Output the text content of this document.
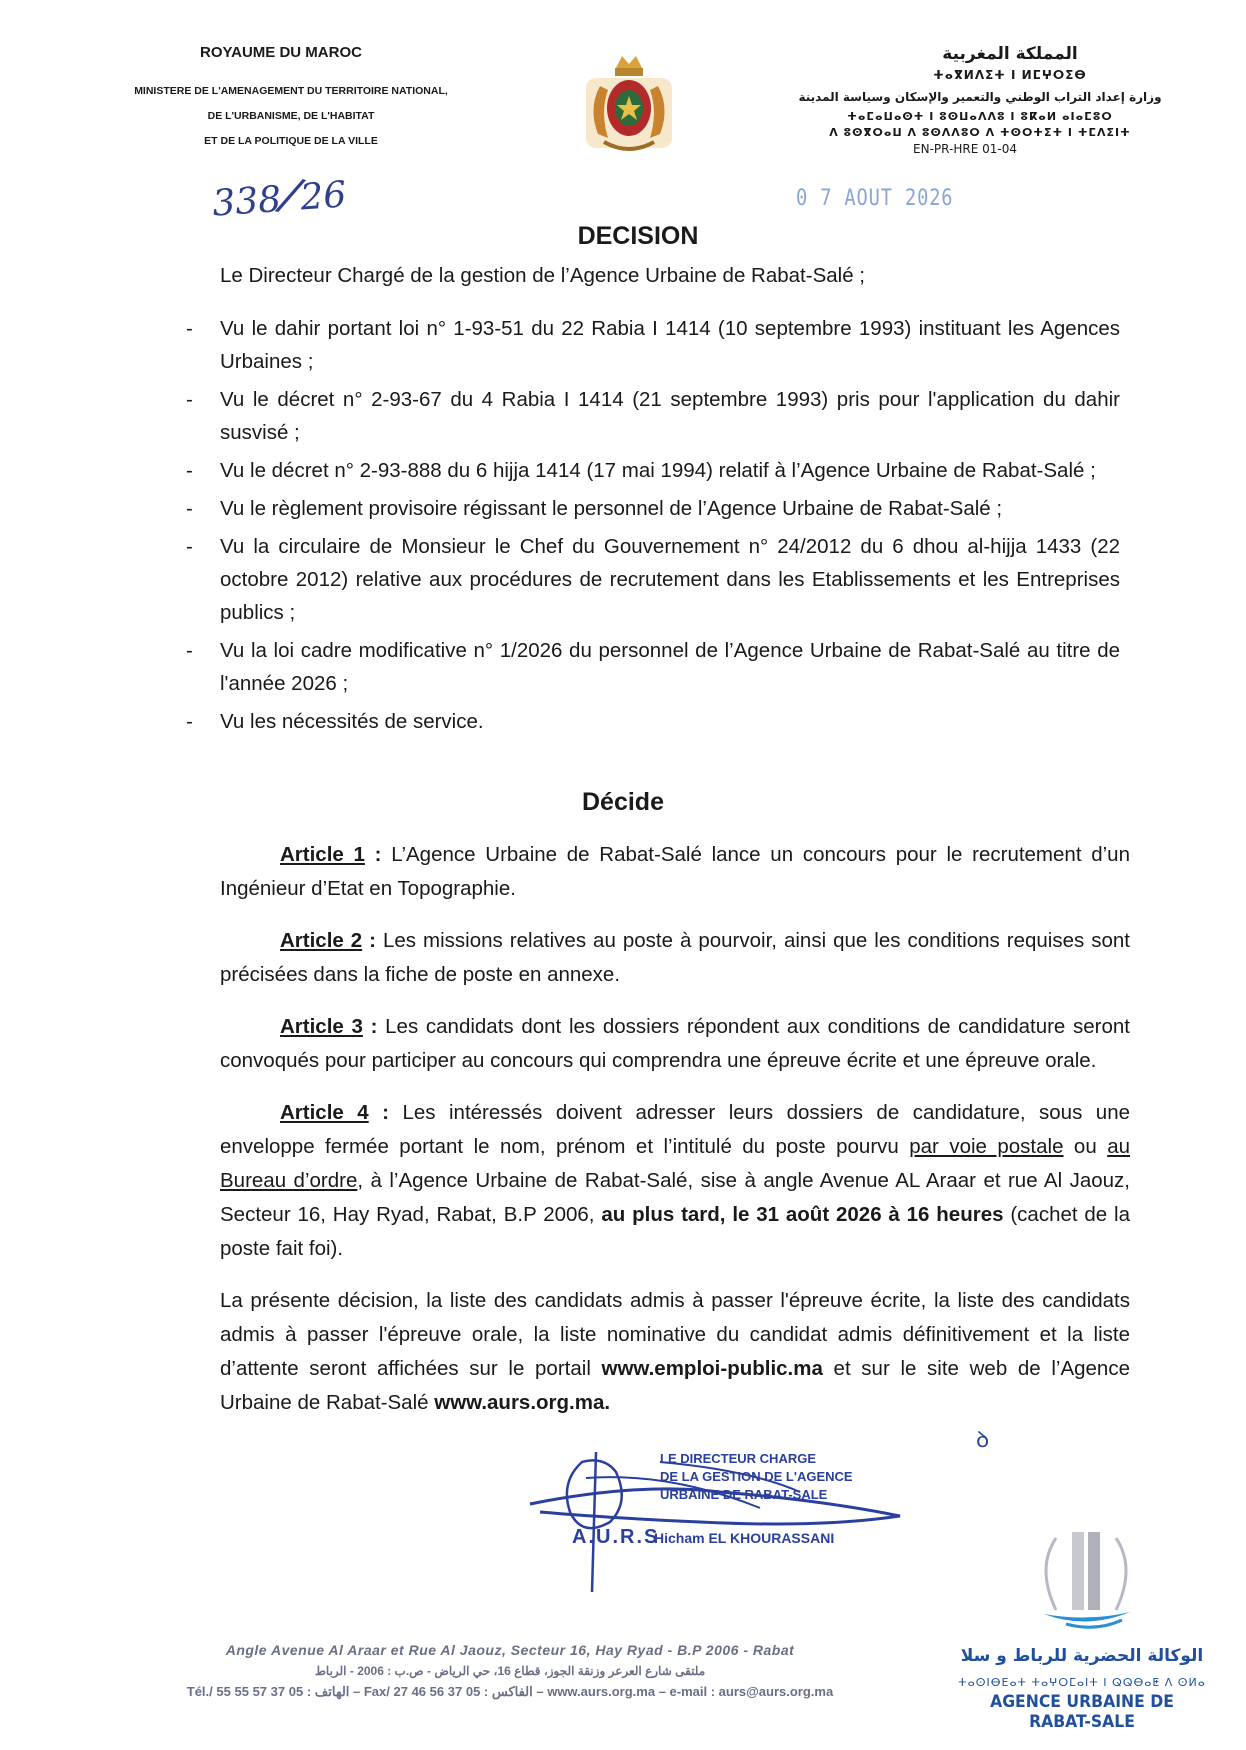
ROYAUME DU MAROC
MINISTERE DE L'AMENAGEMENT DU TERRITOIRE NATIONAL,
DE L'URBANISME, DE L'HABITAT
ET DE LA POLITIQUE DE LA VILLE
338/26
المملكة المغربية
ⵜⴰⴳⵍⴷⵉⵜ ⵏ ⵍⵎⵖⵔⵉⴱ
وزارة إعداد التراب الوطني والتعمير والإسكان وسياسة المدينة
ⵜⴰⵎⴰⵡⴰⵙⵜ ⵏ ⵓⵙⵡⴰⴷⴷⵓ ⵏ ⵓⴽⴰⵍ ⴰⵏⴰⵎⵓⵔ
ⴷ ⵓⵙⴳⵔⴰⵡ ⴷ ⵓⵙⴷⴷⵓⵔ ⴷ ⵜⵙⵔⵜⵉⵜ ⵏ ⵜⵎⴷⵉⵏⵜ
EN-PR-HRE 01-04
0 7 AOUT 2026
DECISION
Le Directeur Chargé de la gestion de l’Agence Urbaine de Rabat-Salé ;
- Vu le dahir portant loi n° 1-93-51 du 22 Rabia I 1414 (10 septembre 1993) instituant les Agences Urbaines ;
- Vu le décret n° 2-93-67 du 4 Rabia I 1414 (21 septembre 1993) pris pour l'application du dahir susvisé ;
- Vu le décret n° 2-93-888 du 6 hijja 1414 (17 mai 1994) relatif à l’Agence Urbaine de Rabat-Salé ;
- Vu le règlement provisoire régissant le personnel de l’Agence Urbaine de Rabat-Salé ;
- Vu la circulaire de Monsieur le Chef du Gouvernement n° 24/2012 du 6 dhou al-hijja 1433 (22 octobre 2012) relative aux procédures de recrutement dans les Etablissements et les Entreprises publics ;
- Vu la loi cadre modificative n° 1/2026 du personnel de l’Agence Urbaine de Rabat-Salé au titre de l'année 2026 ;
- Vu les nécessités de service.
Décide
Article 1 : L’Agence Urbaine de Rabat-Salé lance un concours pour le recrutement d’un Ingénieur d’Etat en Topographie.
Article 2 : Les missions relatives au poste à pourvoir, ainsi que les conditions requises sont précisées dans la fiche de poste en annexe.
Article 3 : Les candidats dont les dossiers répondent aux conditions de candidature seront convoqués pour participer au concours qui comprendra une épreuve écrite et une épreuve orale.
Article 4 : Les intéressés doivent adresser leurs dossiers de candidature, sous une enveloppe fermée portant le nom, prénom et l’intitulé du poste pourvu par voie postale ou au Bureau d’ordre, à l’Agence Urbaine de Rabat-Salé, sise à angle Avenue AL Araar et rue Al Jaouz, Secteur 16, Hay Ryad, Rabat, B.P 2006, au plus tard, le 31 août 2026 à 16 heures (cachet de la poste fait foi).
La présente décision, la liste des candidats admis à passer l'épreuve écrite, la liste des candidats admis à passer l'épreuve orale, la liste nominative du candidat admis définitivement et la liste d’attente seront affichées sur le portail www.emploi-public.ma et sur le site web de l’Agence Urbaine de Rabat-Salé www.aurs.org.ma.
ꝺ
LE DIRECTEUR CHARGE
DE LA GESTION DE L'AGENCE
URBAINE DE RABAT-SALE
A.U.R.S
Hicham EL KHOURASSANI
Angle Avenue Al Araar et Rue Al Jaouz, Secteur 16, Hay Ryad - B.P 2006 - Rabat
ملتقى شارع العرعر وزنقة الجوز، قطاع 16، حي الرياض - ص.ب : 2006 - الرباط
Tél./ الهاتف : 05 37 57 55 55 – Fax/ الفاكس : 05 37 56 46 27 – www.aurs.org.ma – e-mail : aurs@aurs.org.ma
الوكالة الحضرية للرباط و سلا
ⵜⴰⵙⵏⴱⴹⴰⵜ ⵜⴰⵖⵔⵎⴰⵏⵜ ⵏ ⵕⵕⴱⴰⵟ ⴷ ⵙⵍⴰ
AGENCE URBAINE DE RABAT-SALE
